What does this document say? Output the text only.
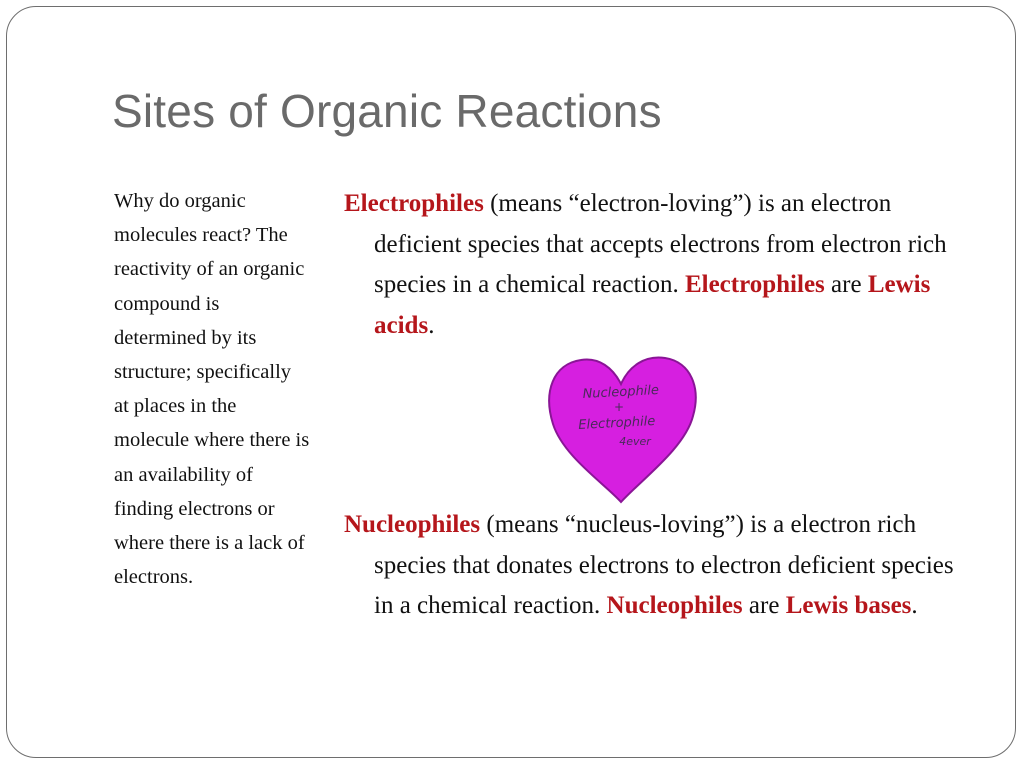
Sites of Organic Reactions
Why do organic molecules react? The reactivity of an organic compound is determined by its structure; specifically at places in the molecule where there is an availability of finding electrons or where there is a lack of electrons.
Electrophiles (means “electron-loving”) is an electron deficient species that accepts electrons from electron rich species in a chemical reaction. Electrophiles are Lewis acids.
Nucleophile
+
Electrophile
4ever
Nucleophiles (means “nucleus-loving”) is a electron rich species that donates electrons to electron deficient species in a chemical reaction. Nucleophiles are Lewis bases.
